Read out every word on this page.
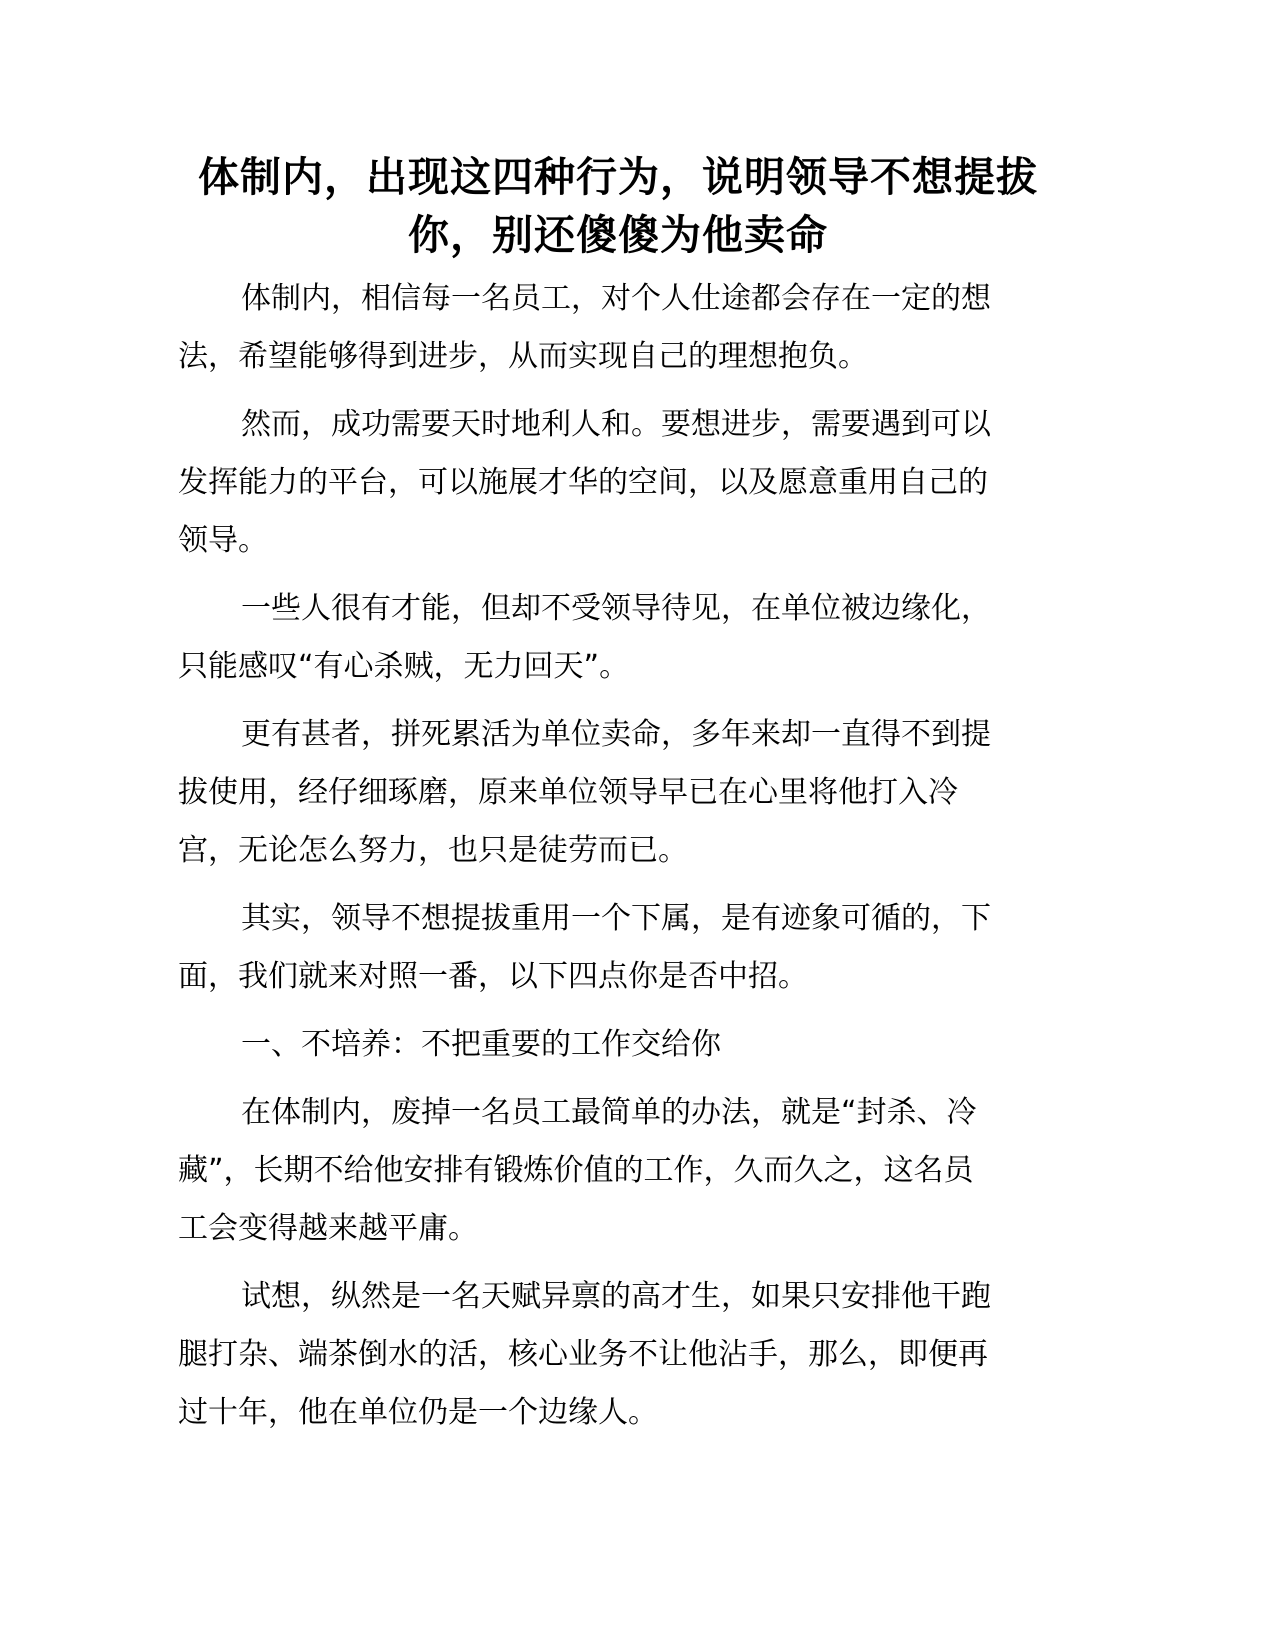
体制内，出现这四种行为，说明领导不想提拔
你，别还傻傻为他卖命

体制内，相信每一名员工，对个人仕途都会存在一定的想
法，希望能够得到进步，从而实现自己的理想抱负。

然而，成功需要天时地利人和。要想进步，需要遇到可以
发挥能力的平台，可以施展才华的空间，以及愿意重用自己的
领导。

一些人很有才能，但却不受领导待见，在单位被边缘化，
只能感叹“有心杀贼，无力回天”。

更有甚者，拼死累活为单位卖命，多年来却一直得不到提
拔使用，经仔细琢磨，原来单位领导早已在心里将他打入冷
宫，无论怎么努力，也只是徒劳而已。

其实，领导不想提拔重用一个下属，是有迹象可循的，下
面，我们就来对照一番，以下四点你是否中招。

一、不培养：不把重要的工作交给你

在体制内，废掉一名员工最简单的办法，就是“封杀、冷
藏”，长期不给他安排有锻炼价值的工作，久而久之，这名员
工会变得越来越平庸。

试想，纵然是一名天赋异禀的高才生，如果只安排他干跑
腿打杂、端茶倒水的活，核心业务不让他沾手，那么，即便再
过十年，他在单位仍是一个边缘人。
